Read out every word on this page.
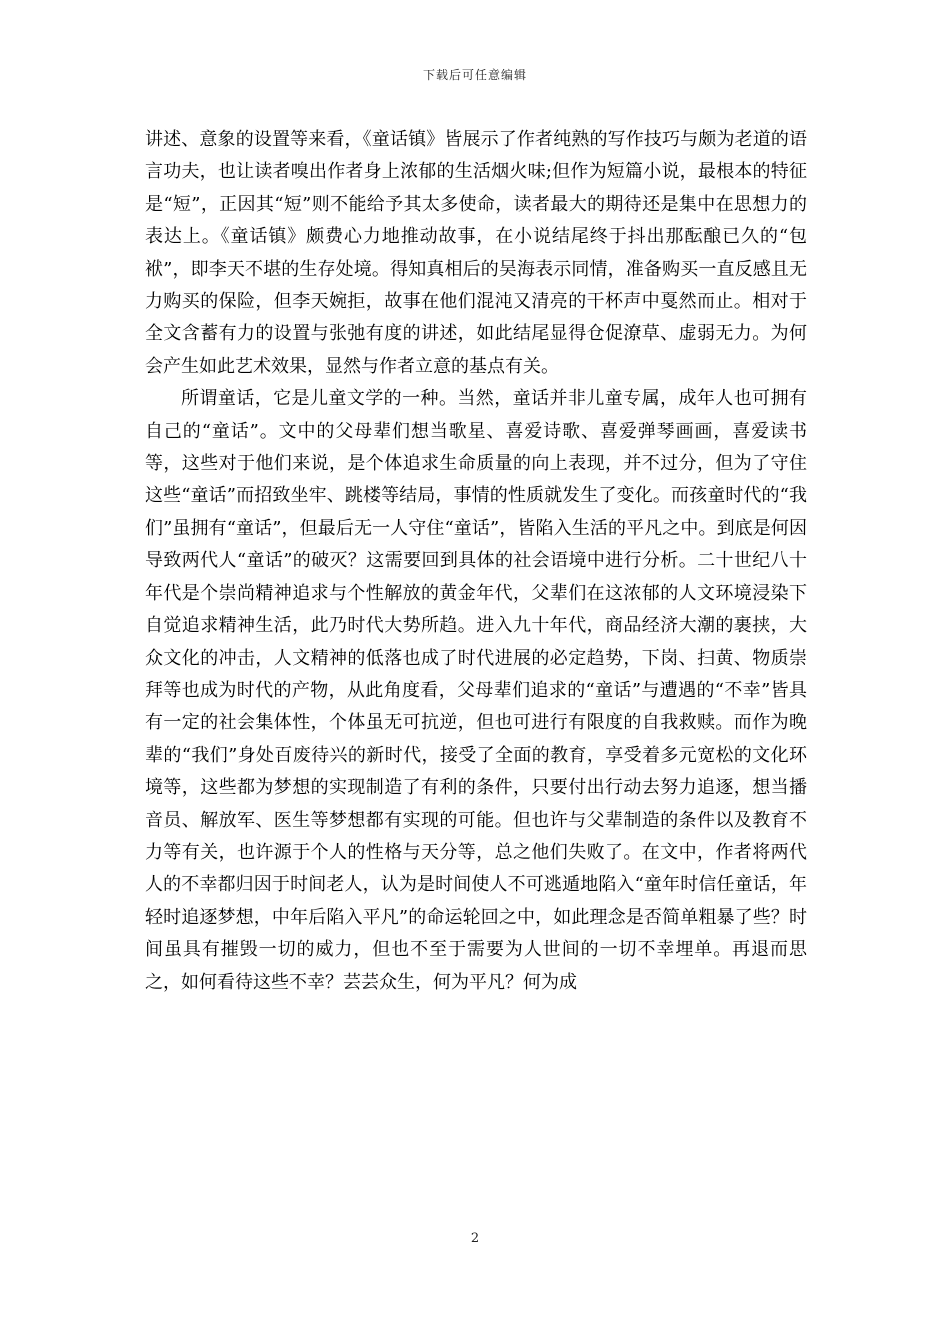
下载后可任意编辑

讲述、意象的设置等来看，《童话镇》皆展示了作者纯熟的写作技巧与颇为老道的语言功夫，也让读者嗅出作者身上浓郁的生活烟火味;但作为短篇小说，最根本的特征是“短”，正因其“短”则不能给予其太多使命，读者最大的期待还是集中在思想力的表达上。《童话镇》颇费心力地推动故事，在小说结尾终于抖出那酝酿已久的“包袱”，即李天不堪的生存处境。得知真相后的吴海表示同情，准备购买一直反感且无力购买的保险，但李天婉拒，故事在他们混沌又清亮的干杯声中戛然而止。相对于全文含蓄有力的设置与张弛有度的讲述，如此结尾显得仓促潦草、虚弱无力。为何会产生如此艺术效果，显然与作者立意的基点有关。

所谓童话，它是儿童文学的一种。当然，童话并非儿童专属，成年人也可拥有自己的“童话”。文中的父母辈们想当歌星、喜爱诗歌、喜爱弹琴画画，喜爱读书等，这些对于他们来说，是个体追求生命质量的向上表现，并不过分，但为了守住这些“童话”而招致坐牢、跳楼等结局，事情的性质就发生了变化。而孩童时代的“我们”虽拥有“童话”，但最后无一人守住“童话”，皆陷入生活的平凡之中。到底是何因导致两代人“童话”的破灭？这需要回到具体的社会语境中进行分析。二十世纪八十年代是个崇尚精神追求与个性解放的黄金年代，父辈们在这浓郁的人文环境浸染下自觉追求精神生活，此乃时代大势所趋。进入九十年代，商品经济大潮的裹挟，大众文化的冲击，人文精神的低落也成了时代进展的必定趋势，下岗、扫黄、物质崇拜等也成为时代的产物，从此角度看，父母辈们追求的“童话”与遭遇的“不幸”皆具有一定的社会集体性，个体虽无可抗逆，但也可进行有限度的自我救赎。而作为晚辈的“我们”身处百废待兴的新时代，接受了全面的教育，享受着多元宽松的文化环境等，这些都为梦想的实现制造了有利的条件，只要付出行动去努力追逐，想当播音员、解放军、医生等梦想都有实现的可能。但也许与父辈制造的条件以及教育不力等有关，也许源于个人的性格与天分等，总之他们失败了。在文中，作者将两代人的不幸都归因于时间老人，认为是时间使人不可逃遁地陷入“童年时信任童话，年轻时追逐梦想，中年后陷入平凡”的命运轮回之中，如此理念是否简单粗暴了些？时间虽具有摧毁一切的威力，但也不至于需要为人世间的一切不幸埋单。再退而思之，如何看待这些不幸？芸芸众生，何为平凡？何为成

2
